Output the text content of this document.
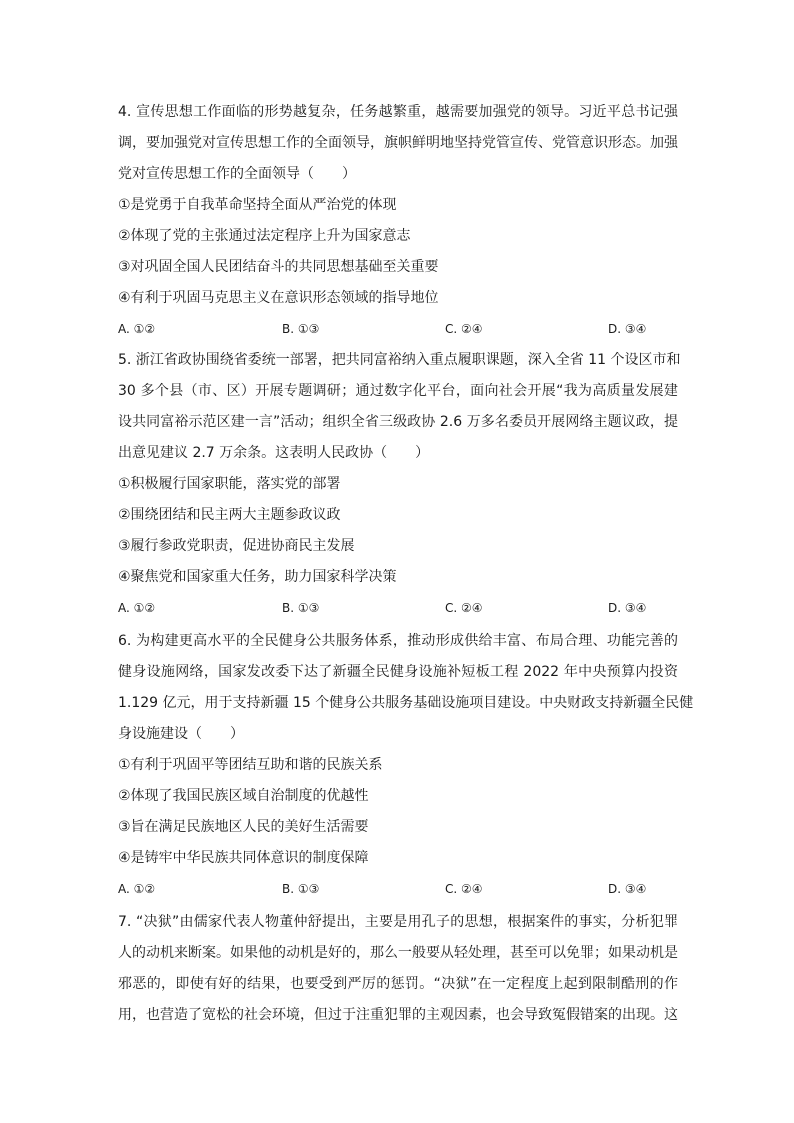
4. 宣传思想工作面临的形势越复杂，任务越繁重，越需要加强党的领导。习近平总书记强
调，要加强党对宣传思想工作的全面领导，旗帜鲜明地坚持党管宣传、党管意识形态。加强
党对宣传思想工作的全面领导（　　）
①是党勇于自我革命坚持全面从严治党的体现
②体现了党的主张通过法定程序上升为国家意志
③对巩固全国人民团结奋斗的共同思想基础至关重要
④有利于巩固马克思主义在意识形态领域的指导地位
A. ①②	B. ①③	C. ②④	D. ③④
5. 浙江省政协围绕省委统一部署，把共同富裕纳入重点履职课题，深入全省 11 个设区市和
30 多个县（市、区）开展专题调研；通过数字化平台，面向社会开展“我为高质量发展建
设共同富裕示范区建一言”活动；组织全省三级政协 2.6 万多名委员开展网络主题议政，提
出意见建议 2.7 万余条。这表明人民政协（　　）
①积极履行国家职能，落实党的部署
②围绕团结和民主两大主题参政议政
③履行参政党职责，促进协商民主发展
④聚焦党和国家重大任务，助力国家科学决策
A. ①②	B. ①③	C. ②④	D. ③④
6. 为构建更高水平的全民健身公共服务体系，推动形成供给丰富、布局合理、功能完善的
健身设施网络，国家发改委下达了新疆全民健身设施补短板工程 2022 年中央预算内投资
1.129 亿元，用于支持新疆 15 个健身公共服务基础设施项目建设。中央财政支持新疆全民健
身设施建设（　　）
①有利于巩固平等团结互助和谐的民族关系
②体现了我国民族区域自治制度的优越性
③旨在满足民族地区人民的美好生活需要
④是铸牢中华民族共同体意识的制度保障
A. ①②	B. ①③	C. ②④	D. ③④
7. “决狱”由儒家代表人物董仲舒提出，主要是用孔子的思想，根据案件的事实，分析犯罪
人的动机来断案。如果他的动机是好的，那么一般要从轻处理，甚至可以免罪；如果动机是
邪恶的，即使有好的结果，也要受到严厉的惩罚。“决狱”在一定程度上起到限制酷刑的作
用，也营造了宽松的社会环境，但过于注重犯罪的主观因素，也会导致冤假错案的出现。这
